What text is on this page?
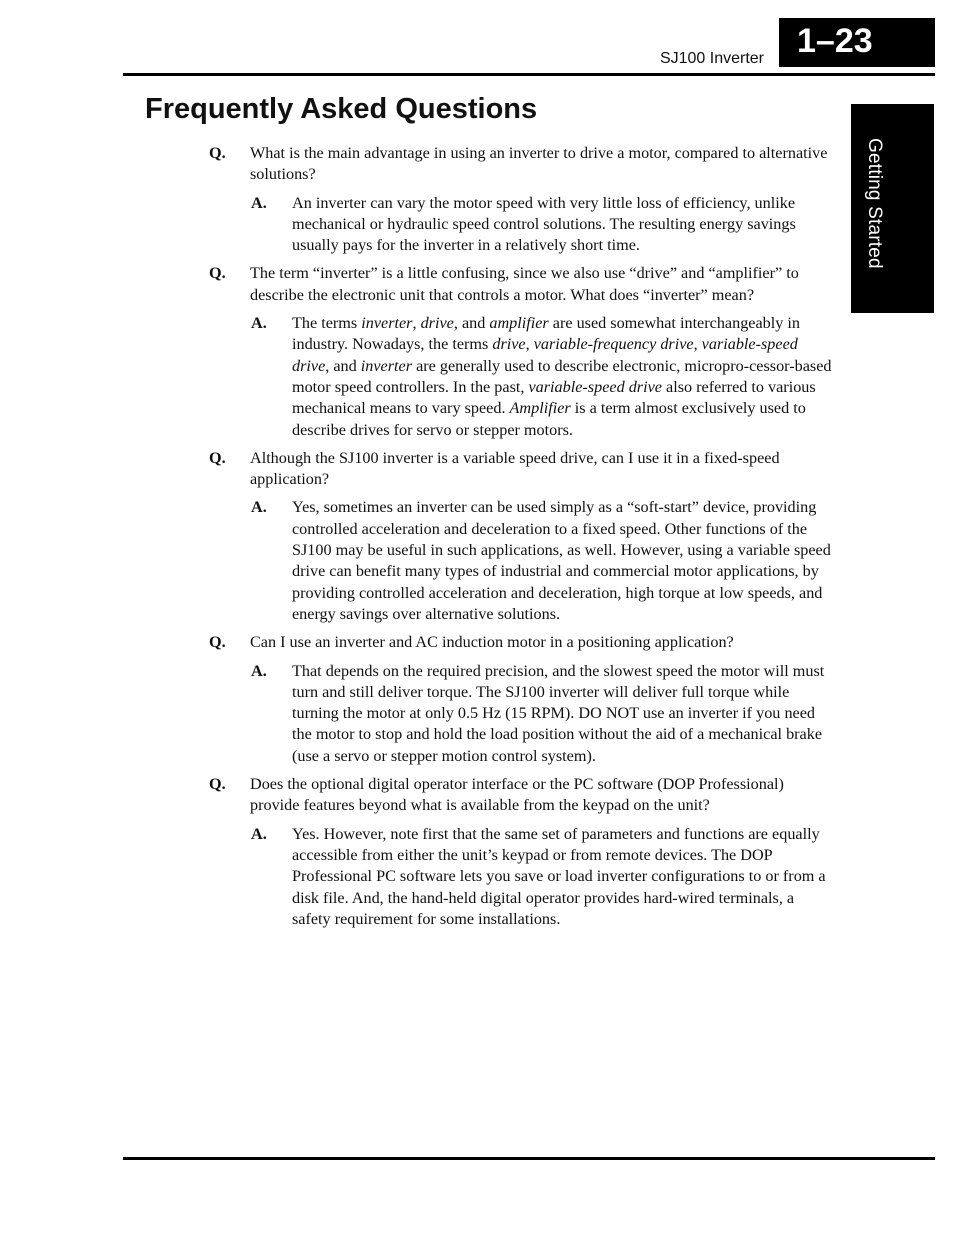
1–23
SJ100 Inverter
Getting Started
Frequently Asked Questions
Q. What is the main advantage in using an inverter to drive a motor, compared to alternative solutions?
A. An inverter can vary the motor speed with very little loss of efficiency, unlike mechanical or hydraulic speed control solutions. The resulting energy savings usually pays for the inverter in a relatively short time.
Q. The term “inverter” is a little confusing, since we also use “drive” and “amplifier” to describe the electronic unit that controls a motor. What does “inverter” mean?
A. The terms inverter, drive, and amplifier are used somewhat interchangeably in industry. Nowadays, the terms drive, variable-frequency drive, variable-speed drive, and inverter are generally used to describe electronic, micropro-cessor-based motor speed controllers. In the past, variable-speed drive also referred to various mechanical means to vary speed. Amplifier is a term almost exclusively used to describe drives for servo or stepper motors.
Q. Although the SJ100 inverter is a variable speed drive, can I use it in a fixed-speed application?
A. Yes, sometimes an inverter can be used simply as a “soft-start” device, providing controlled acceleration and deceleration to a fixed speed. Other functions of the SJ100 may be useful in such applications, as well. However, using a variable speed drive can benefit many types of industrial and commercial motor applications, by providing controlled acceleration and deceleration, high torque at low speeds, and energy savings over alternative solutions.
Q. Can I use an inverter and AC induction motor in a positioning application?
A. That depends on the required precision, and the slowest speed the motor will must turn and still deliver torque. The SJ100 inverter will deliver full torque while turning the motor at only 0.5 Hz (15 RPM). DO NOT use an inverter if you need the motor to stop and hold the load position without the aid of a mechanical brake (use a servo or stepper motion control system).
Q. Does the optional digital operator interface or the PC software (DOP Professional) provide features beyond what is available from the keypad on the unit?
A. Yes. However, note first that the same set of parameters and functions are equally accessible from either the unit’s keypad or from remote devices. The DOP Professional PC software lets you save or load inverter configurations to or from a disk file. And, the hand-held digital operator provides hard-wired terminals, a safety requirement for some installations.
